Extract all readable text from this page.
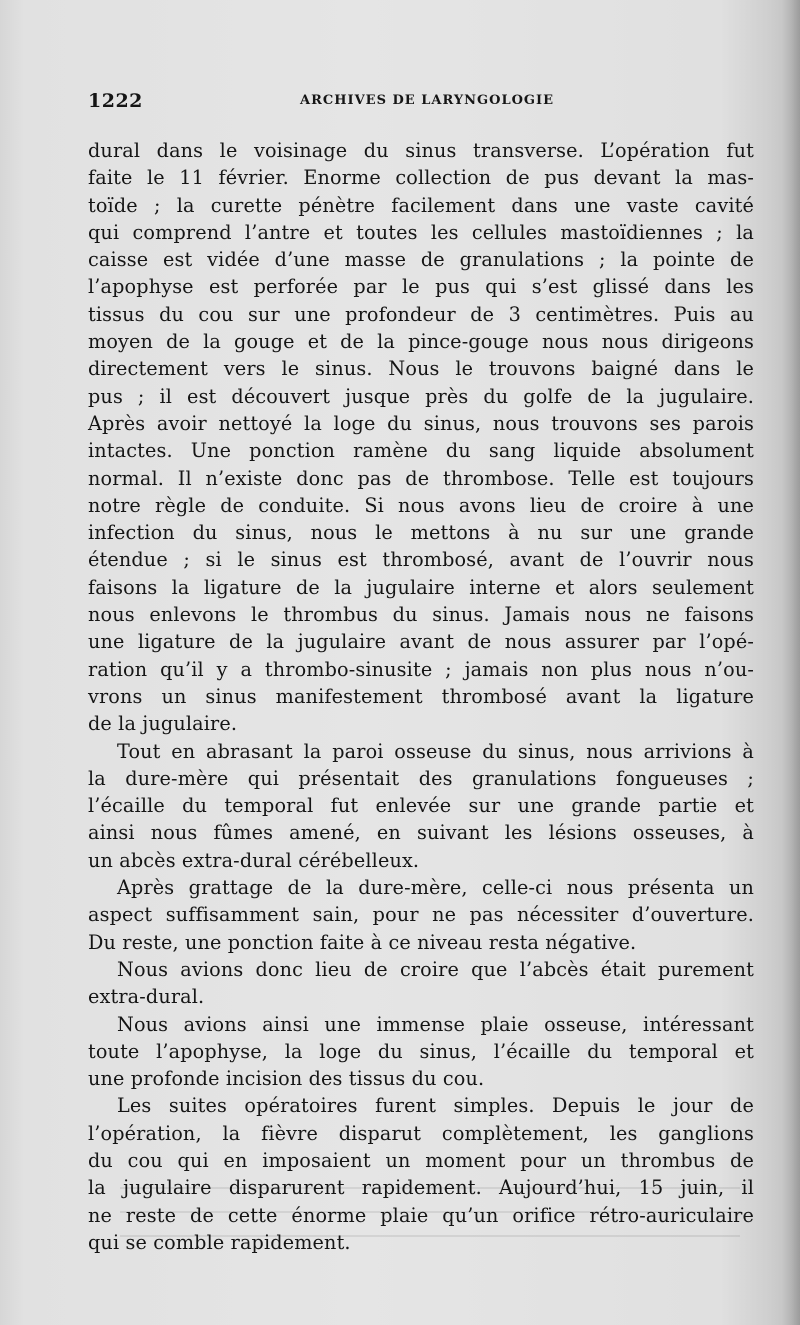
1222	ARCHIVES DE LARYNGOLOGIE
dural dans le voisinage du sinus transverse. L’opération fut
faite le 11 février. Enorme collection de pus devant la mas-
toïde ; la curette pénètre facilement dans une vaste cavité
qui comprend l’antre et toutes les cellules mastoïdiennes ; la
caisse est vidée d’une masse de granulations ; la pointe de
l’apophyse est perforée par le pus qui s’est glissé dans les
tissus du cou sur une profondeur de 3 centimètres. Puis au
moyen de la gouge et de la pince-gouge nous nous dirigeons
directement vers le sinus. Nous le trouvons baigné dans le
pus ; il est découvert jusque près du golfe de la jugulaire.
Après avoir nettoyé la loge du sinus, nous trouvons ses parois
intactes. Une ponction ramène du sang liquide absolument
normal. Il n’existe donc pas de thrombose. Telle est toujours
notre règle de conduite. Si nous avons lieu de croire à une
infection du sinus, nous le mettons à nu sur une grande
étendue ; si le sinus est thrombosé, avant de l’ouvrir nous
faisons la ligature de la jugulaire interne et alors seulement
nous enlevons le thrombus du sinus. Jamais nous ne faisons
une ligature de la jugulaire avant de nous assurer par l’opé-
ration qu’il y a thrombo-sinusite ; jamais non plus nous n’ou-
vrons un sinus manifestement thrombosé avant la ligature
de la jugulaire.
Tout en abrasant la paroi osseuse du sinus, nous arrivions à
la dure-mère qui présentait des granulations fongueuses ;
l’écaille du temporal fut enlevée sur une grande partie et
ainsi nous fûmes amené, en suivant les lésions osseuses, à
un abcès extra-dural cérébelleux.
Après grattage de la dure-mère, celle-ci nous présenta un
aspect suffisamment sain, pour ne pas nécessiter d’ouverture.
Du reste, une ponction faite à ce niveau resta négative.
Nous avions donc lieu de croire que l’abcès était purement
extra-dural.
Nous avions ainsi une immense plaie osseuse, intéressant
toute l’apophyse, la loge du sinus, l’écaille du temporal et
une profonde incision des tissus du cou.
Les suites opératoires furent simples. Depuis le jour de
l’opération, la fièvre disparut complètement, les ganglions
du cou qui en imposaient un moment pour un thrombus de
la jugulaire disparurent rapidement. Aujourd’hui, 15 juin, il
ne reste de cette énorme plaie qu’un orifice rétro-auriculaire
qui se comble rapidement.
